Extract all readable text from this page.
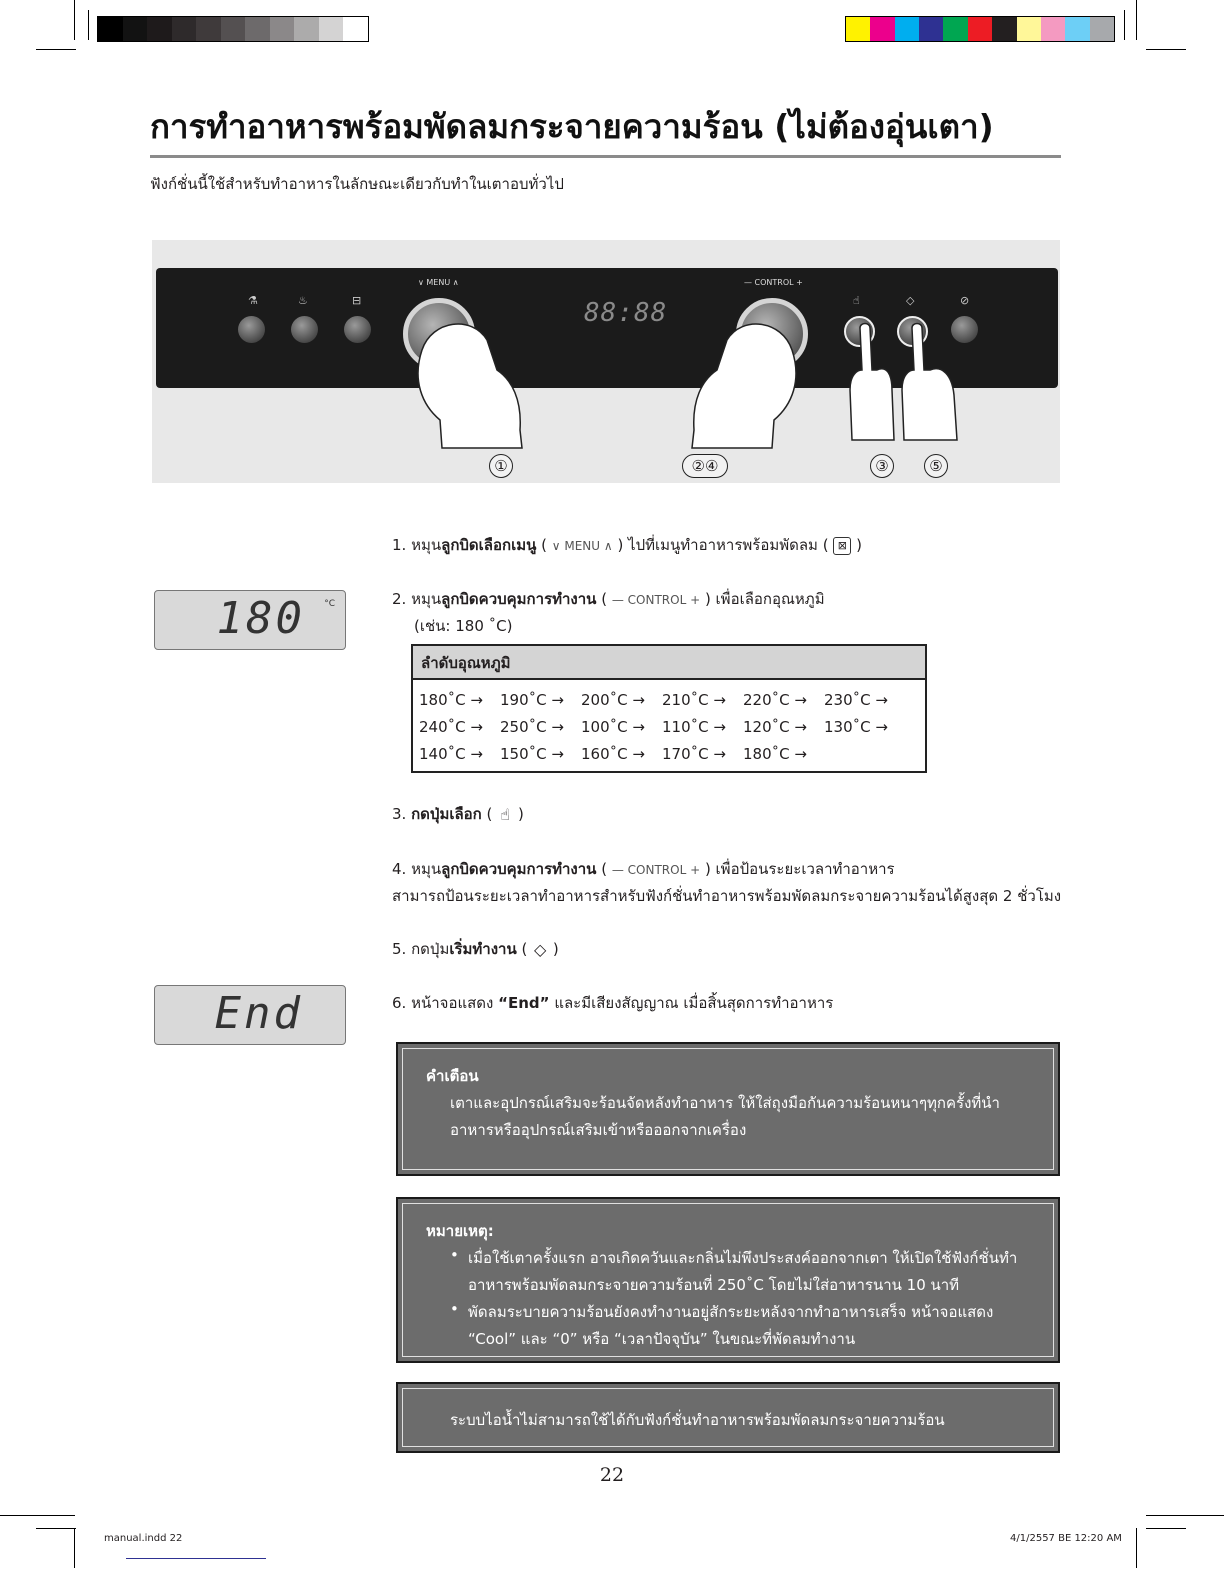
การทำอาหารพร้อมพัดลมกระจายความร้อน (ไม่ต้องอุ่นเตา)
ฟังก์ชั่นนี้ใช้สำหรับทำอาหารในลักษณะเดียวกับทำในเตาอบทั่วไป
⚗	♨	⊟
∨ MENU ∧
88:88
— CONTROL +
☝	◇	⊘
①	②④	③	⑤
180 °C
End
1. หมุนลูกบิดเลือกเมนู ( ∨ MENU ∧ ) ไปที่เมนูทำอาหารพร้อมพัดลม ( ⊠ )
2. หมุนลูกบิดควบคุมการทำงาน ( — CONTROL + ) เพื่อเลือกอุณหภูมิ
(เช่น: 180 ˚C)
ลำดับอุณหภูมิ
180˚C →	190˚C →	200˚C →	210˚C →	220˚C →	230˚C →
240˚C →	250˚C →	100˚C →	110˚C →	120˚C →	130˚C →
140˚C →	150˚C →	160˚C →	170˚C →	180˚C →
3. กดปุ่มเลือก ( ☝ )
4. หมุนลูกบิดควบคุมการทำงาน ( — CONTROL + ) เพื่อป้อนระยะเวลาทำอาหาร
สามารถป้อนระยะเวลาทำอาหารสำหรับฟังก์ชั่นทำอาหารพร้อมพัดลมกระจายความร้อนได้สูงสุด 2 ชั่วโมง
5. กดปุ่มเริ่มทำงาน ( ◇ )
6. หน้าจอแสดง “End” และมีเสียงสัญญาณ เมื่อสิ้นสุดการทำอาหาร
คำเตือน
เตาและอุปกรณ์เสริมจะร้อนจัดหลังทำอาหาร ให้ใส่ถุงมือกันความร้อนหนาๆทุกครั้งที่นำ
อาหารหรืออุปกรณ์เสริมเข้าหรือออกจากเครื่อง
หมายเหตุ:
• เมื่อใช้เตาครั้งแรก อาจเกิดควันและกลิ่นไม่พึงประสงค์ออกจากเตา ให้เปิดใช้ฟังก์ชั่นทำ
อาหารพร้อมพัดลมกระจายความร้อนที่ 250˚C โดยไม่ใส่อาหารนาน 10 นาที
• พัดลมระบายความร้อนยังคงทำงานอยู่สักระยะหลังจากทำอาหารเสร็จ หน้าจอแสดง
“Cool” และ “0” หรือ “เวลาปัจจุบัน” ในขณะที่พัดลมทำงาน
ระบบไอน้ำไม่สามารถใช้ได้กับฟังก์ชั่นทำอาหารพร้อมพัดลมกระจายความร้อน
22
manual.indd 22	4/1/2557 BE 12:20 AM
